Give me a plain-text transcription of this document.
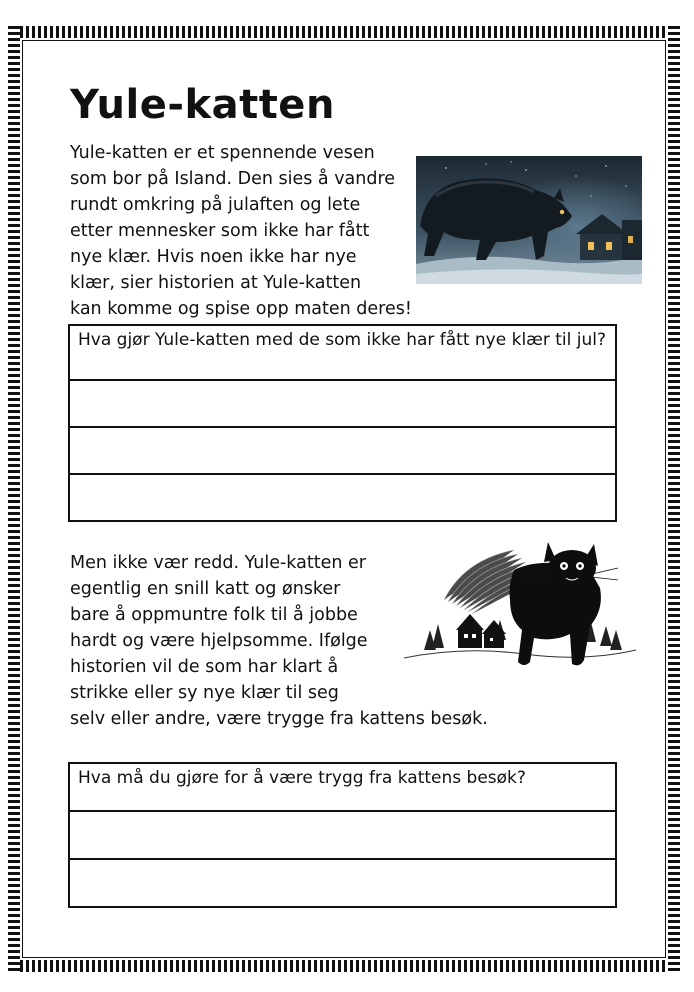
Yule-katten

Yule-katten er et spennende vesen
som bor på Island. Den sies å vandre
rundt omkring på julaften og lete
etter mennesker som ikke har fått
nye klær. Hvis noen ikke har nye
klær, sier historien at Yule-katten
kan komme og spise opp maten deres!

Hva gjør Yule-katten med de som ikke har fått nye klær til jul?

Men ikke vær redd. Yule-katten er
egentlig en snill katt og ønsker
bare å oppmuntre folk til å jobbe
hardt og være hjelpsomme. Ifølge
historien vil de som har klart å
strikke eller sy nye klær til seg
selv eller andre, være trygge fra kattens besøk.

Hva må du gjøre for å være trygg fra kattens besøk?
